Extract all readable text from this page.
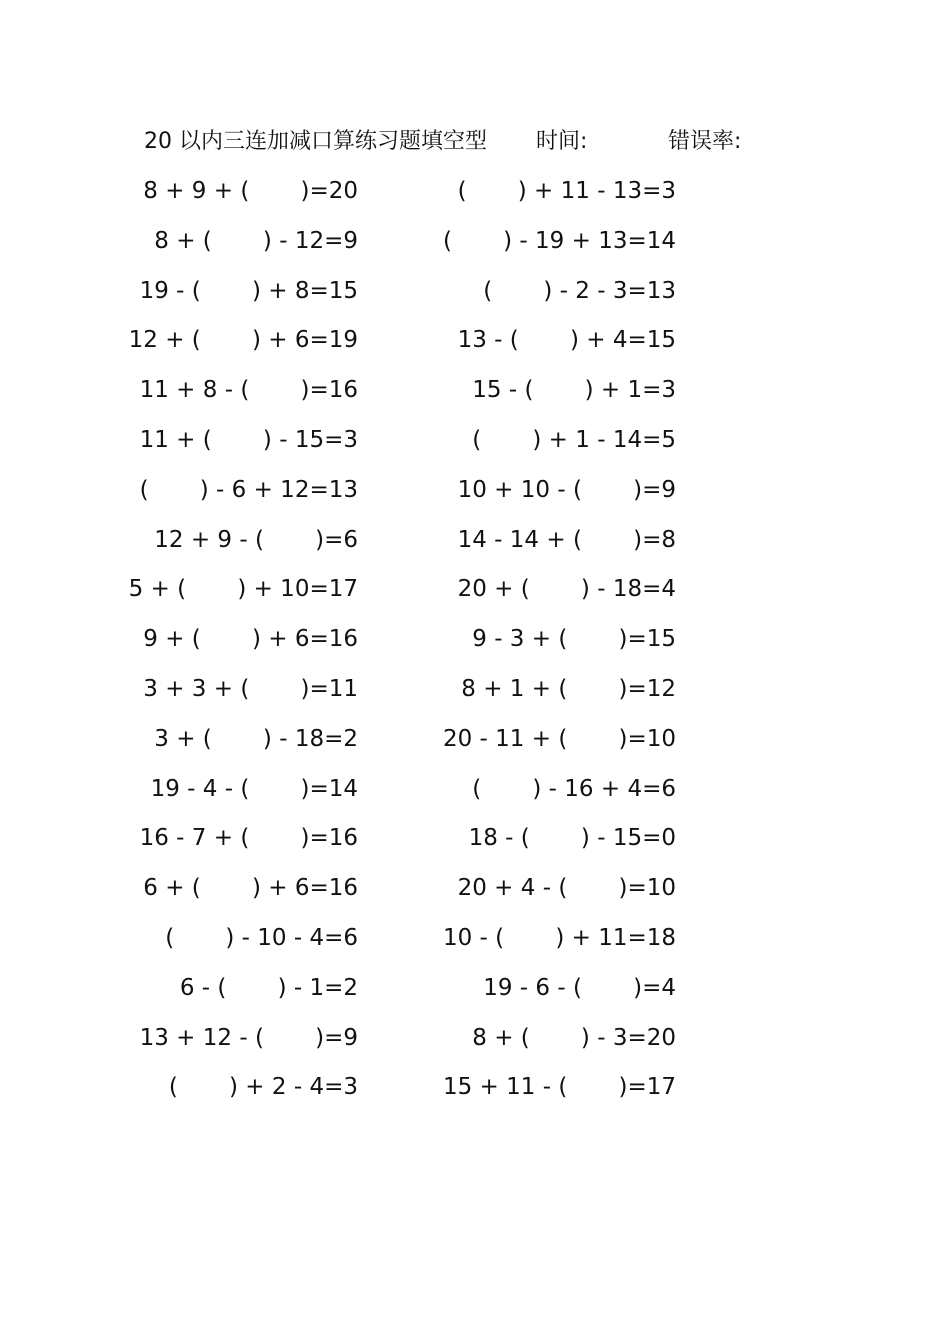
20 以内三连加减口算练习题填空型 时间:	错误率:
8 + 9 + (       )=20
8 + (       ) - 12=9
19 - (       ) + 8=15
12 + (       ) + 6=19
11 + 8 - (       )=16
11 + (       ) - 15=3
(       ) - 6 + 12=13
12 + 9 - (       )=6
5 + (       ) + 10=17
9 + (       ) + 6=16
3 + 3 + (       )=11
3 + (       ) - 18=2
19 - 4 - (       )=14
16 - 7 + (       )=16
6 + (       ) + 6=16
(       ) - 10 - 4=6
6 - (       ) - 1=2
13 + 12 - (       )=9
(       ) + 2 - 4=3
(       ) + 11 - 13=3
(       ) - 19 + 13=14
(       ) - 2 - 3=13
13 - (       ) + 4=15
15 - (       ) + 1=3
(       ) + 1 - 14=5
10 + 10 - (       )=9
14 - 14 + (       )=8
20 + (       ) - 18=4
9 - 3 + (       )=15
8 + 1 + (       )=12
20 - 11 + (       )=10
(       ) - 16 + 4=6
18 - (       ) - 15=0
20 + 4 - (       )=10
10 - (       ) + 11=18
19 - 6 - (       )=4
8 + (       ) - 3=20
15 + 11 - (       )=17
